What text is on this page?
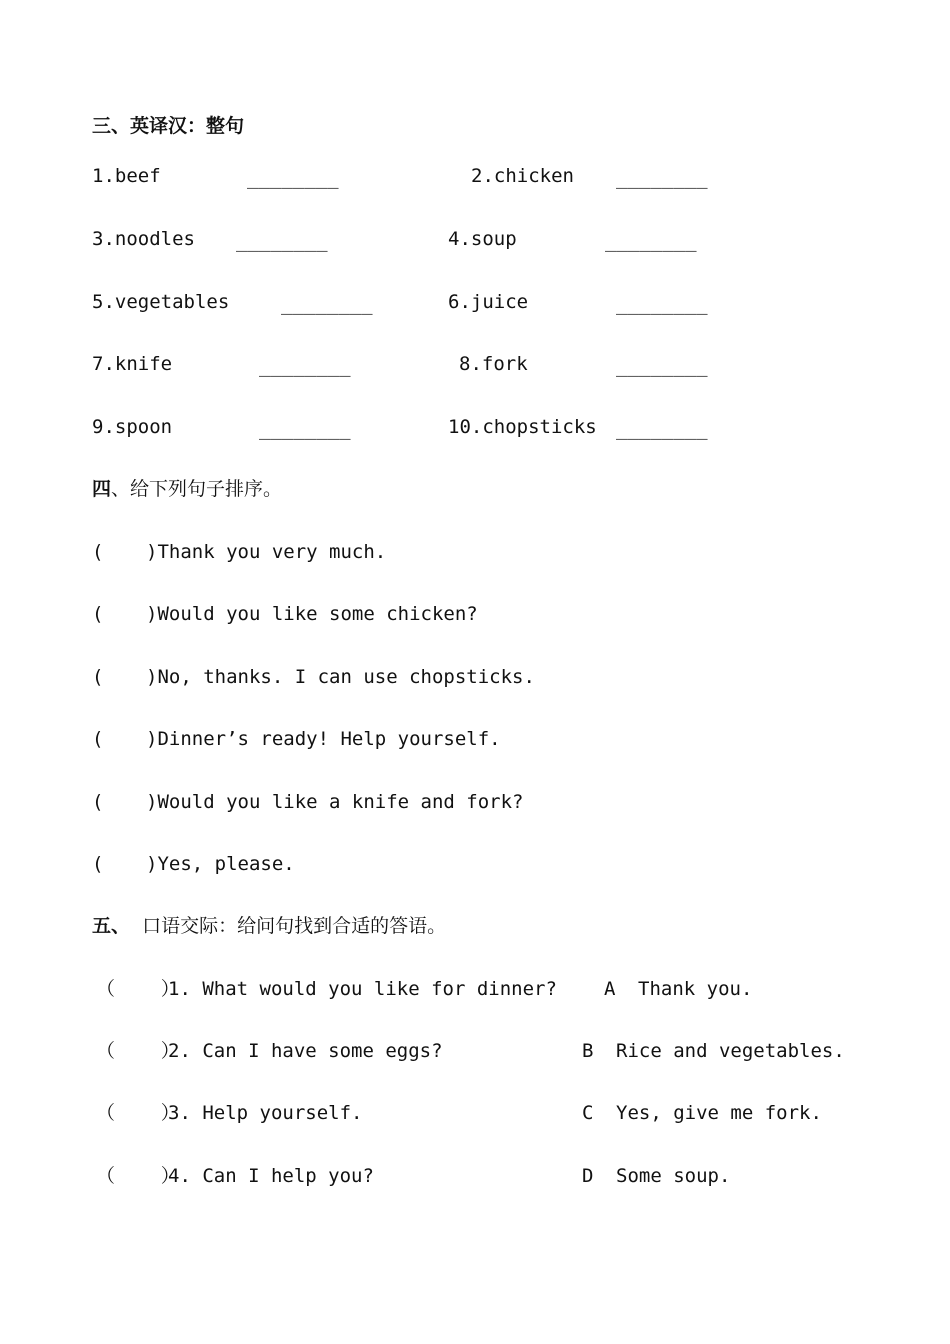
三、英译汉：整句
1.beef	________	2.chicken ________
3.noodles ________	4.soup	________
5.vegetables	________	6.juice	________
7.knife	________	8.fork	________
9.spoon	________	10.chopsticks ________
四、给下列句子排序。
( )Thank you very much.
( )Would you like some chicken?
( )No, thanks. I can use chopsticks.
( )Dinner’s ready! Help yourself.
( )Would you like a knife and fork?
( )Yes, please.
五、 口语交际：给问句找到合适的答语。
（    ）
1. What would you like for dinner? A Thank you.
（    ）
2. Can I have some eggs?	B Rice and vegetables.
（    ）
3. Help yourself.	C Yes, give me fork.
（    ）
4. Can I help you?	D Some soup.
